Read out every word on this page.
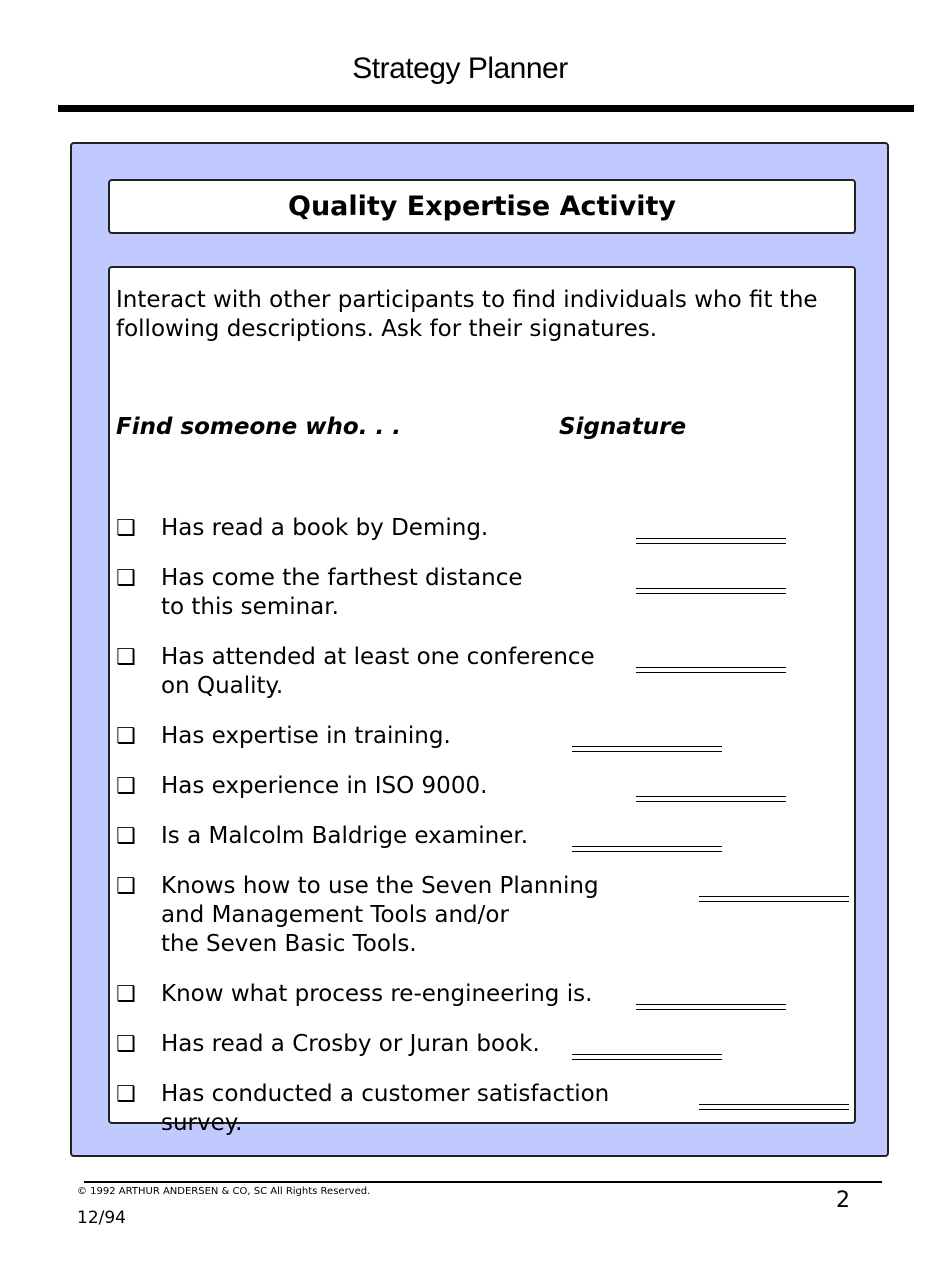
Strategy Planner
Quality Expertise Activity
Interact with other participants to find individuals who fit the following descriptions. Ask for their signatures.
Find someone who. . .	Signature
❑ Has read a book by Deming.
❑ Has come the farthest distance
to this seminar.
❑ Has attended at least one conference
on Quality.
❑ Has expertise in training.
❑ Has experience in ISO 9000.
❑ Is a Malcolm Baldrige examiner.
❑ Knows how to use the Seven Planning
and Management Tools and/or
the Seven Basic Tools.
❑ Know what process re-engineering is.
❑ Has read a Crosby or Juran book.
❑ Has conducted a customer satisfaction
survey.
© 1992 ARTHUR ANDERSEN & CO, SC All Rights Reserved.	2
12/94
